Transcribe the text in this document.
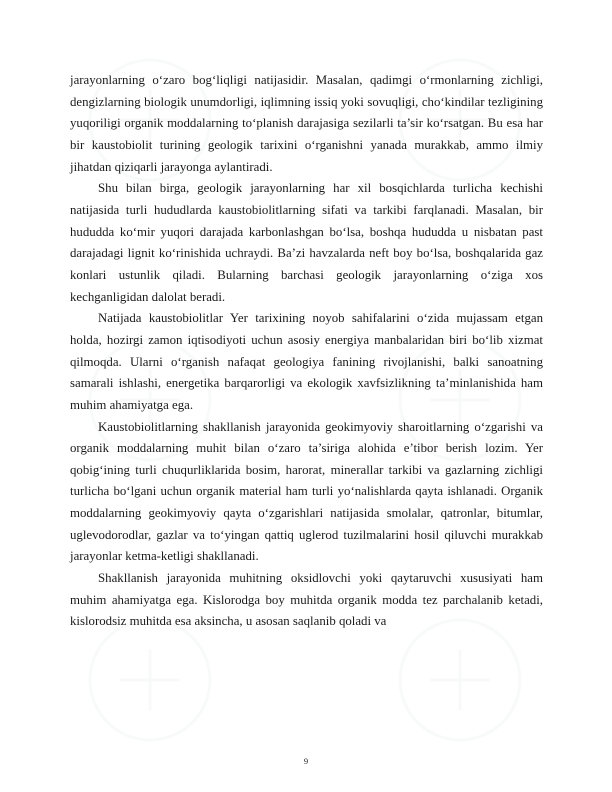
jarayonlarning o‘zaro bog‘liqligi natijasidir. Masalan, qadimgi o‘rmonlarning zichligi, dengizlarning biologik unumdorligi, iqlimning issiq yoki sovuqligi, cho‘kindilar tezligining yuqoriligi organik moddalarning to‘planish darajasiga sezilarli ta’sir ko‘rsatgan. Bu esa har bir kaustobiolit turining geologik tarixini o‘rganishni yanada murakkab, ammo ilmiy jihatdan qiziqarli jarayonga aylantiradi.

Shu bilan birga, geologik jarayonlarning har xil bosqichlarda turlicha kechishi natijasida turli hududlarda kaustobiolitlarning sifati va tarkibi farqlanadi. Masalan, bir hududda ko‘mir yuqori darajada karbonlashgan bo‘lsa, boshqa hududda u nisbatan past darajadagi lignit ko‘rinishida uchraydi. Ba’zi havzalarda neft boy bo‘lsa, boshqalarida gaz konlari ustunlik qiladi. Bularning barchasi geologik jarayonlarning o‘ziga xos kechganligidan dalolat beradi.

Natijada kaustobiolitlar Yer tarixining noyob sahifalarini o‘zida mujassam etgan holda, hozirgi zamon iqtisodiyoti uchun asosiy energiya manbalaridan biri bo‘lib xizmat qilmoqda. Ularni o‘rganish nafaqat geologiya fanining rivojlanishi, balki sanoatning samarali ishlashi, energetika barqarorligi va ekologik xavfsizlikning ta’minlanishida ham muhim ahamiyatga ega.

Kaustobiolitlarning shakllanish jarayonida geokimyoviy sharoitlarning o‘zgarishi va organik moddalarning muhit bilan o‘zaro ta’siriga alohida e’tibor berish lozim. Yer qobig‘ining turli chuqurliklarida bosim, harorat, minerallar tarkibi va gazlarning zichligi turlicha bo‘lgani uchun organik material ham turli yo‘nalishlarda qayta ishlanadi. Organik moddalarning geokimyoviy qayta o‘zgarishlari natijasida smolalar, qatronlar, bitumlar, uglevodorodlar, gazlar va to‘yingan qattiq uglerod tuzilmalarini hosil qiluvchi murakkab jarayonlar ketma-ketligi shakllanadi.

Shakllanish jarayonida muhitning oksidlovchi yoki qaytaruvchi xususiyati ham muhim ahamiyatga ega. Kislorodga boy muhitda organik modda tez parchalanib ketadi, kislorodsiz muhitda esa aksincha, u asosan saqlanib qoladi va

9
